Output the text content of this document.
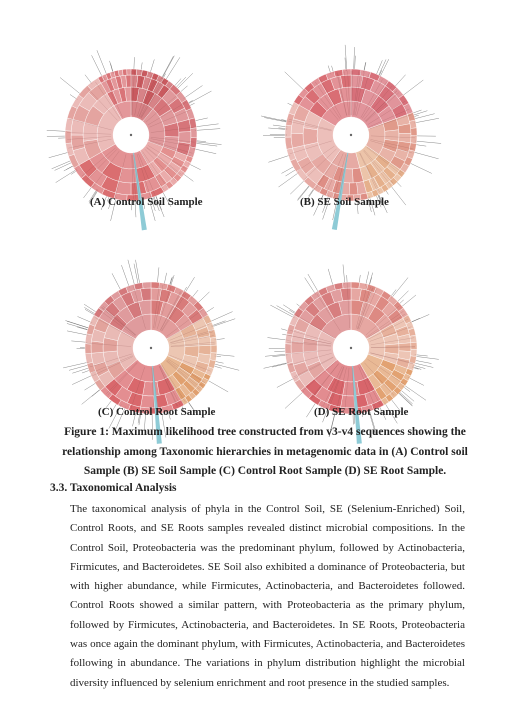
(A) Control Soil Sample	(B) SE Soil Sample
(C) Control Root Sample	(D) SE Root Sample
Figure 1: Maximum likelihood tree constructed from v3-v4 sequences showing the relationship among Taxonomic hierarchies in metagenomic data in (A) Control soil Sample (B) SE Soil Sample (C) Control Root Sample (D) SE Root Sample.
3.3. Taxonomical Analysis

The taxonomical analysis of phyla in the Control Soil, SE (Selenium-Enriched) Soil, Control Roots, and SE Roots samples revealed distinct microbial compositions. In the Control Soil, Proteobacteria was the predominant phylum, followed by Actinobacteria, Firmicutes, and Bacteroidetes. SE Soil also exhibited a dominance of Proteobacteria, but with higher abundance, while Firmicutes, Actinobacteria, and Bacteroidetes followed. Control Roots showed a similar pattern, with Proteobacteria as the primary phylum, followed by Firmicutes, Actinobacteria, and Bacteroidetes. In SE Roots, Proteobacteria was once again the dominant phylum, with Firmicutes, Actinobacteria, and Bacteroidetes following in abundance. The variations in phylum distribution highlight the microbial diversity influenced by selenium enrichment and root presence in the studied samples.
